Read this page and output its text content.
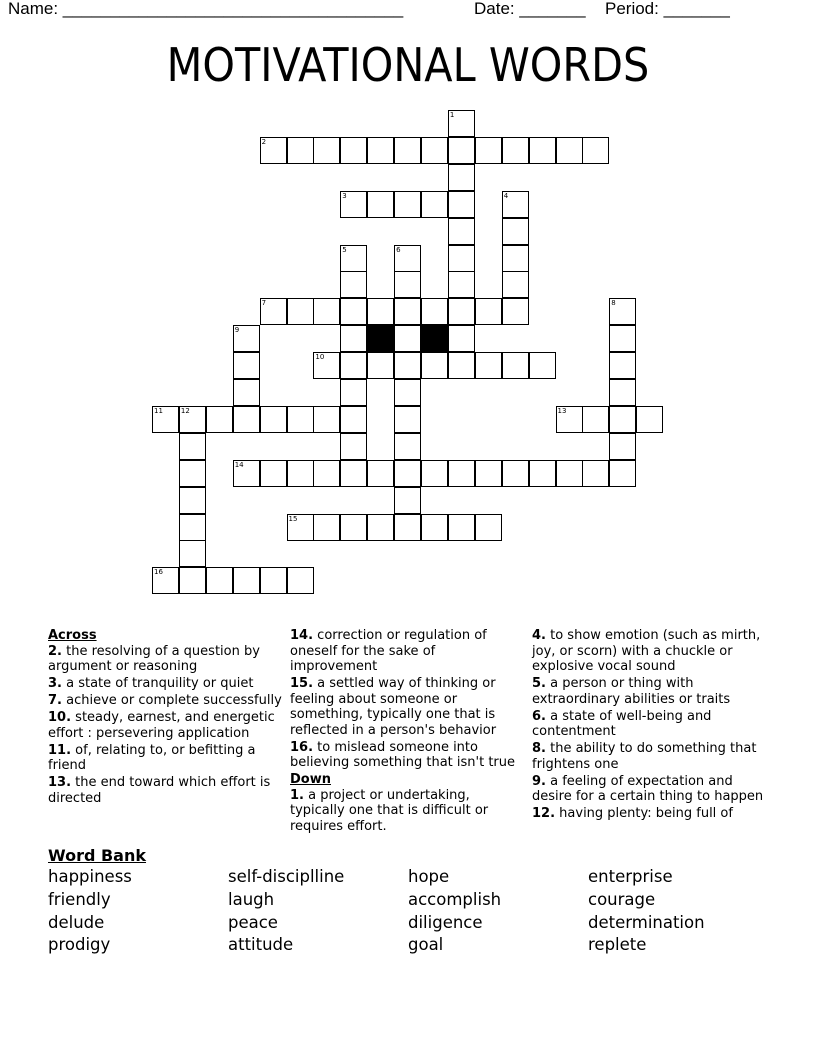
Name: ____________________________________	Date: _______ Period: _______
MOTIVATIONAL WORDS
1
2
3	4
5	6
7	8
9
10
11	12	13
14
15
16
Across
2. the resolving of a question by argument or reasoning
3. a state of tranquility or quiet
7. achieve or complete successfully
10. steady, earnest, and energetic effort : persevering application
11. of, relating to, or befitting a friend
13. the end toward which effort is directed
14. correction or regulation of oneself for the sake of improvement
15. a settled way of thinking or feeling about someone or something, typically one that is reflected in a person's behavior
16. to mislead someone into believing something that isn't true
Down
1. a project or undertaking, typically one that is difficult or requires effort.
4. to show emotion (such as mirth, joy, or scorn) with a chuckle or explosive vocal sound
5. a person or thing with extraordinary abilities or traits
6. a state of well-being and contentment
8. the ability to do something that frightens one
9. a feeling of expectation and desire for a certain thing to happen
12. having plenty: being full of
Word Bank
happiness	self-disciplline	hope	enterprise
friendly	laugh	accomplish	courage
delude	peace	diligence	determination
prodigy	attitude	goal	replete
